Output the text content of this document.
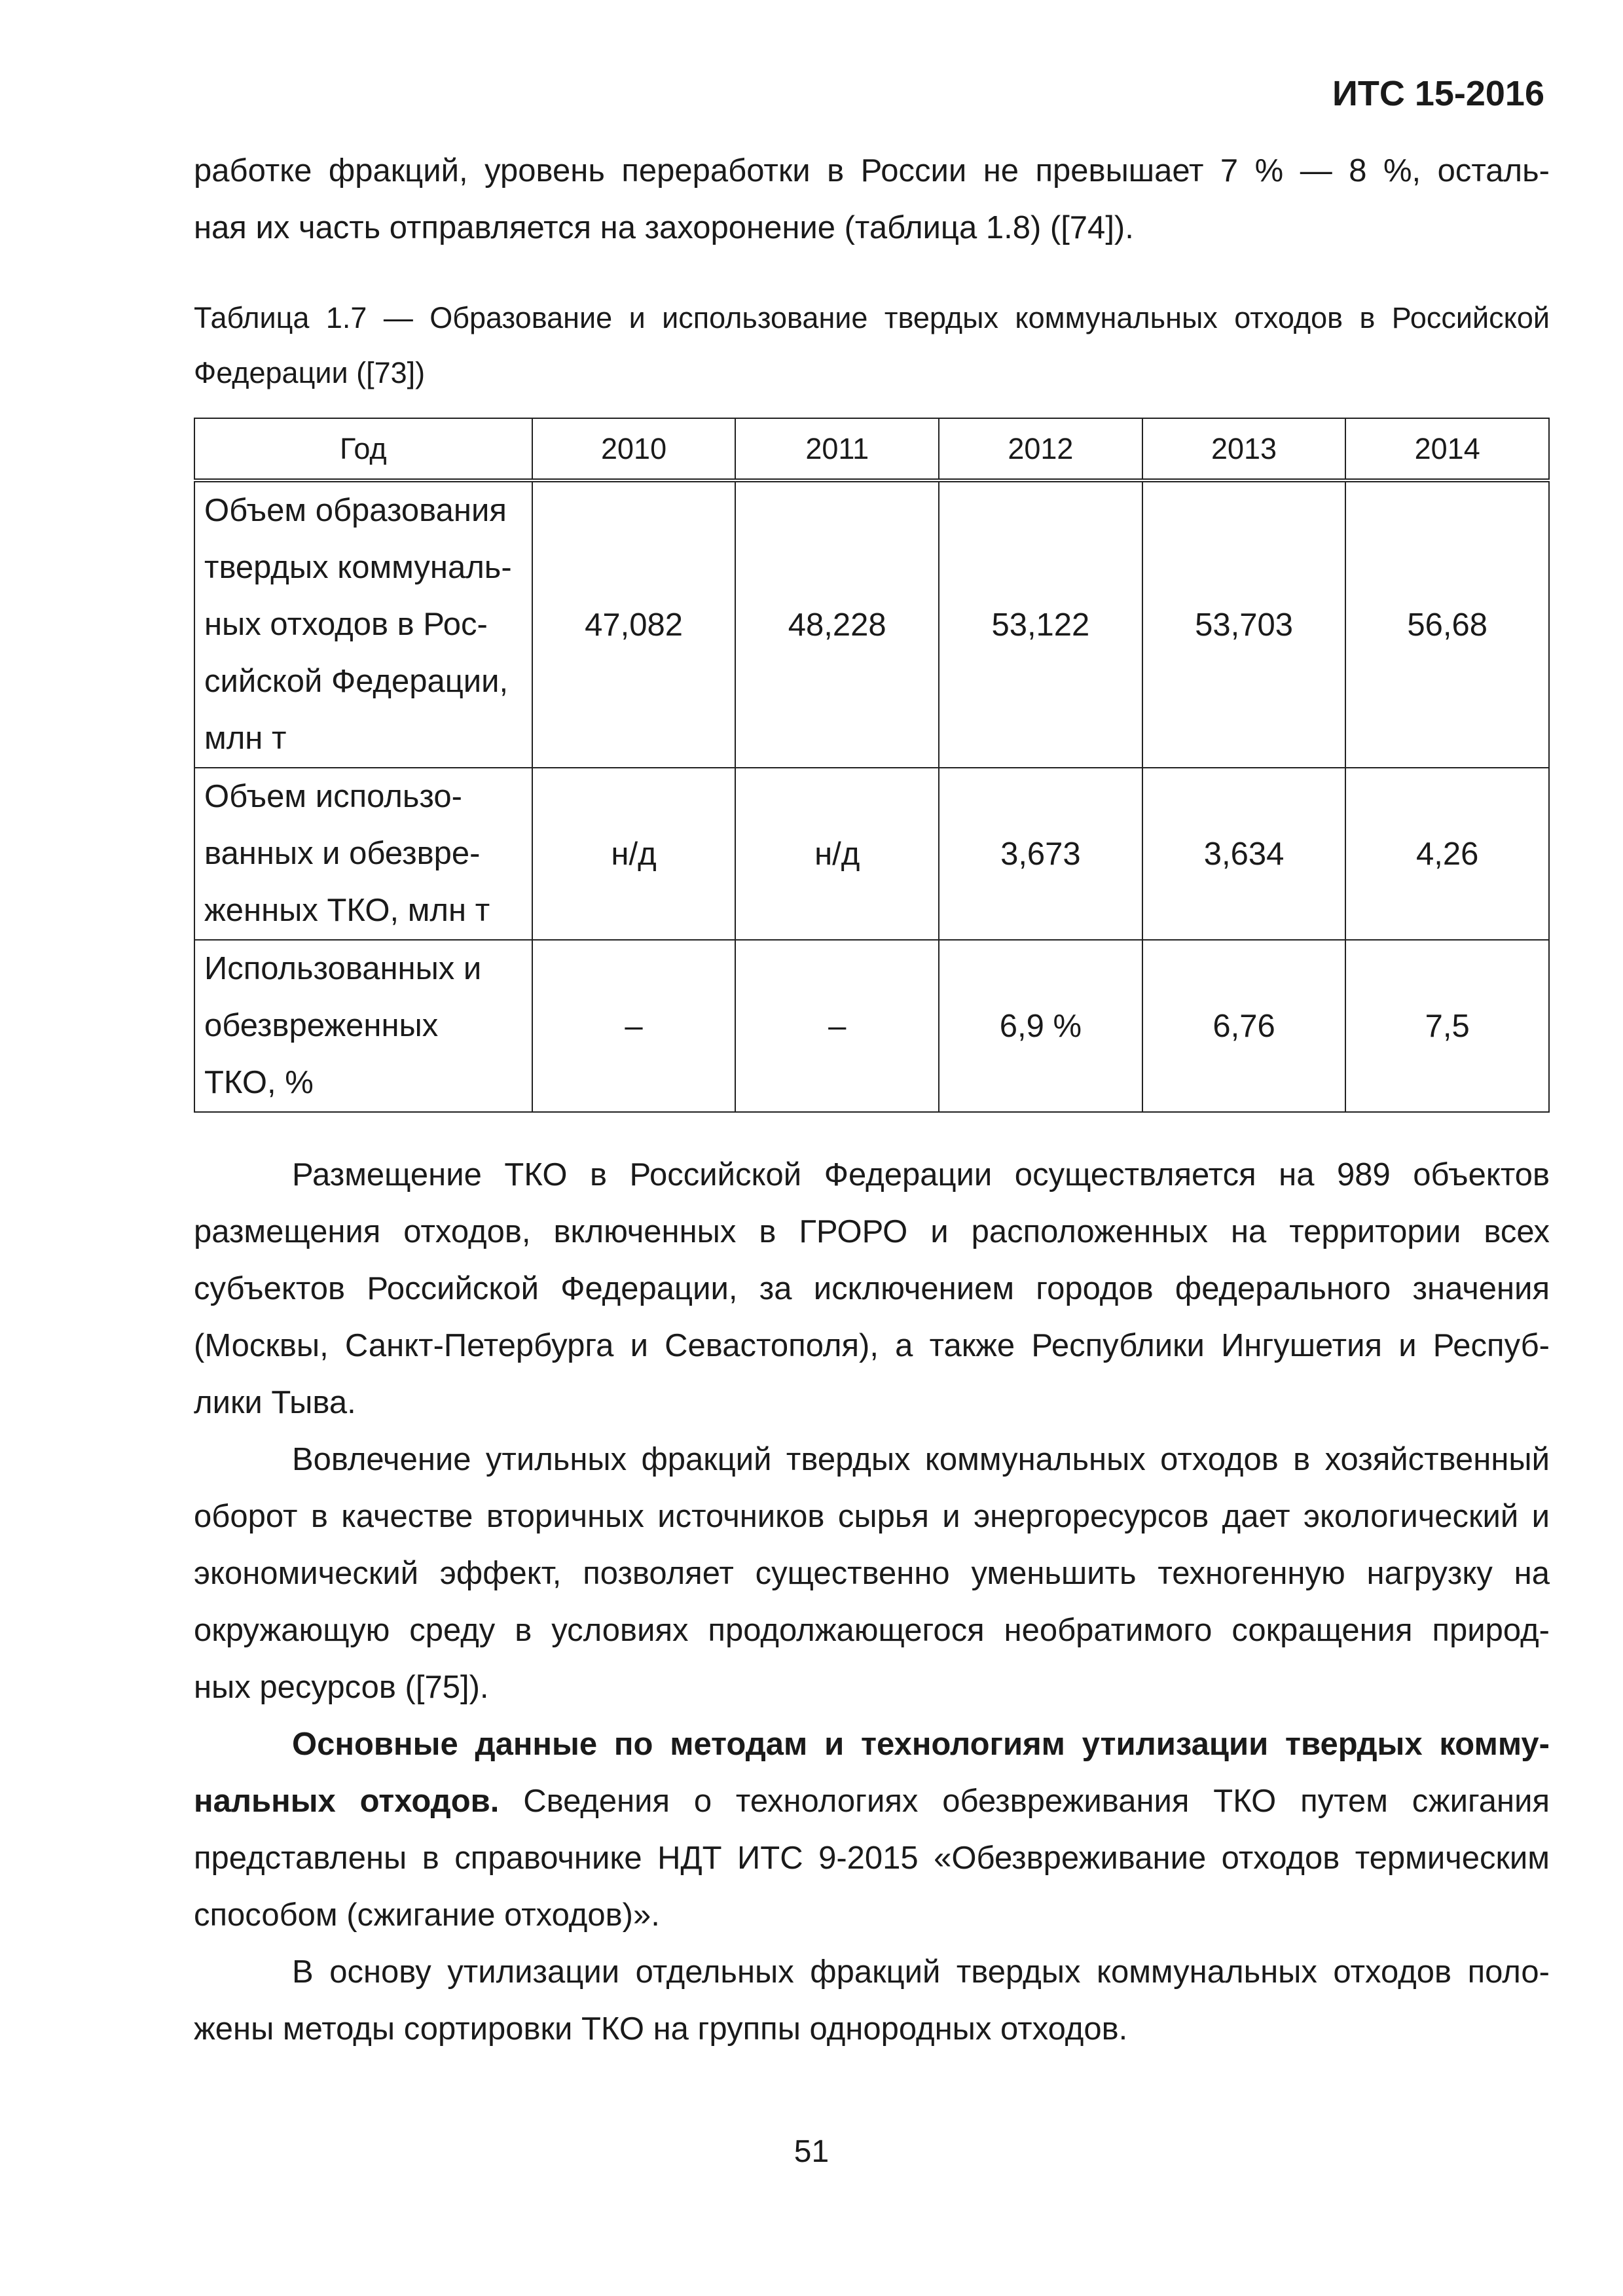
ИТС 15-2016
работке фракций, уровень переработки в России не превышает 7 % — 8 %, осталь-
ная их часть отправляется на захоронение (таблица 1.8) ([74]).
Таблица 1.7 — Образование и использование твердых коммунальных отходов в Российской
Федерации ([73])
Год	2010	2011	2012	2013	2014

Объем образования
твердых коммуналь-
ных отходов в Рос-
сийской Федерации,
млн т	47,082	48,228	53,122	53,703	56,68

Объем использо-
ванных и обезвре-
женных ТКО, млн т	н/д	н/д	3,673	3,634	4,26

Использованных и
обезвреженных
ТКО, %	–	–	6,9 %	6,76	7,5
Размещение ТКО в Российской Федерации осуществляется на 989 объектов
размещения отходов, включенных в ГРОРО и расположенных на территории всех
субъектов Российской Федерации, за исключением городов федерального значения
(Москвы, Санкт-Петербурга и Севастополя), а также Республики Ингушетия и Респуб-
лики Тыва.
Вовлечение утильных фракций твердых коммунальных отходов в хозяйственный
оборот в качестве вторичных источников сырья и энергоресурсов дает экологический и
экономический эффект, позволяет существенно уменьшить техногенную нагрузку на
окружающую среду в условиях продолжающегося необратимого сокращения природ-
ных ресурсов ([75]).
Основные данные по методам и технологиям утилизации твердых комму-
нальных отходов. Сведения о технологиях обезвреживания ТКО путем сжигания
представлены в справочнике НДТ ИТС 9-2015 «Обезвреживание отходов термическим
способом (сжигание отходов)».
В основу утилизации отдельных фракций твердых коммунальных отходов поло-
жены методы сортировки ТКО на группы однородных отходов.
51
